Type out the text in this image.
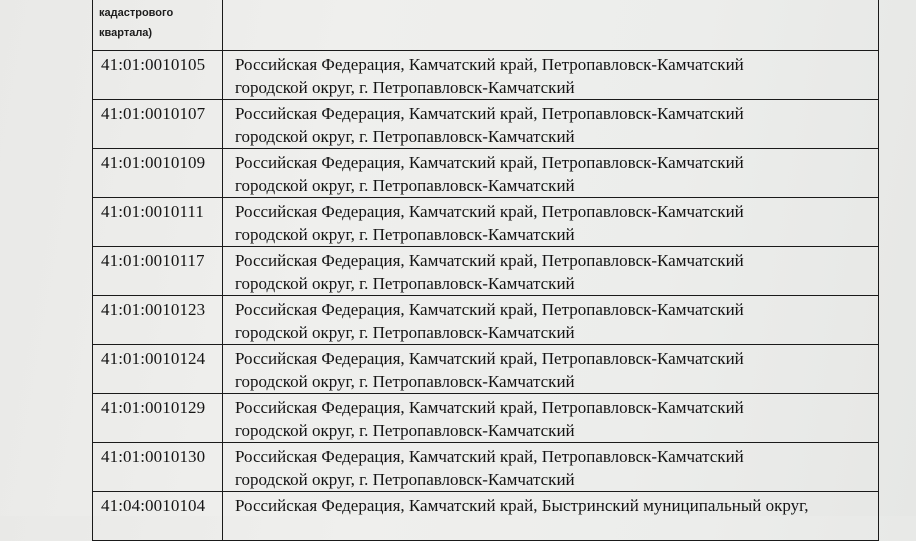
кадастрового
квартала)	

41:01:0010105	Российская Федерация, Камчатский край, Петропавловск-Камчатский
городской округ, г. Петропавловск-Камчатский

41:01:0010107	Российская Федерация, Камчатский край, Петропавловск-Камчатский
городской округ, г. Петропавловск-Камчатский

41:01:0010109	Российская Федерация, Камчатский край, Петропавловск-Камчатский
городской округ, г. Петропавловск-Камчатский

41:01:0010111	Российская Федерация, Камчатский край, Петропавловск-Камчатский
городской округ, г. Петропавловск-Камчатский

41:01:0010117	Российская Федерация, Камчатский край, Петропавловск-Камчатский
городской округ, г. Петропавловск-Камчатский

41:01:0010123	Российская Федерация, Камчатский край, Петропавловск-Камчатский
городской округ, г. Петропавловск-Камчатский

41:01:0010124	Российская Федерация, Камчатский край, Петропавловск-Камчатский
городской округ, г. Петропавловск-Камчатский

41:01:0010129	Российская Федерация, Камчатский край, Петропавловск-Камчатский
городской округ, г. Петропавловск-Камчатский

41:01:0010130	Российская Федерация, Камчатский край, Петропавловск-Камчатский
городской округ, г. Петропавловск-Камчатский

41:04:0010104	Российская Федерация, Камчатский край, Быстринский муниципальный округ,
